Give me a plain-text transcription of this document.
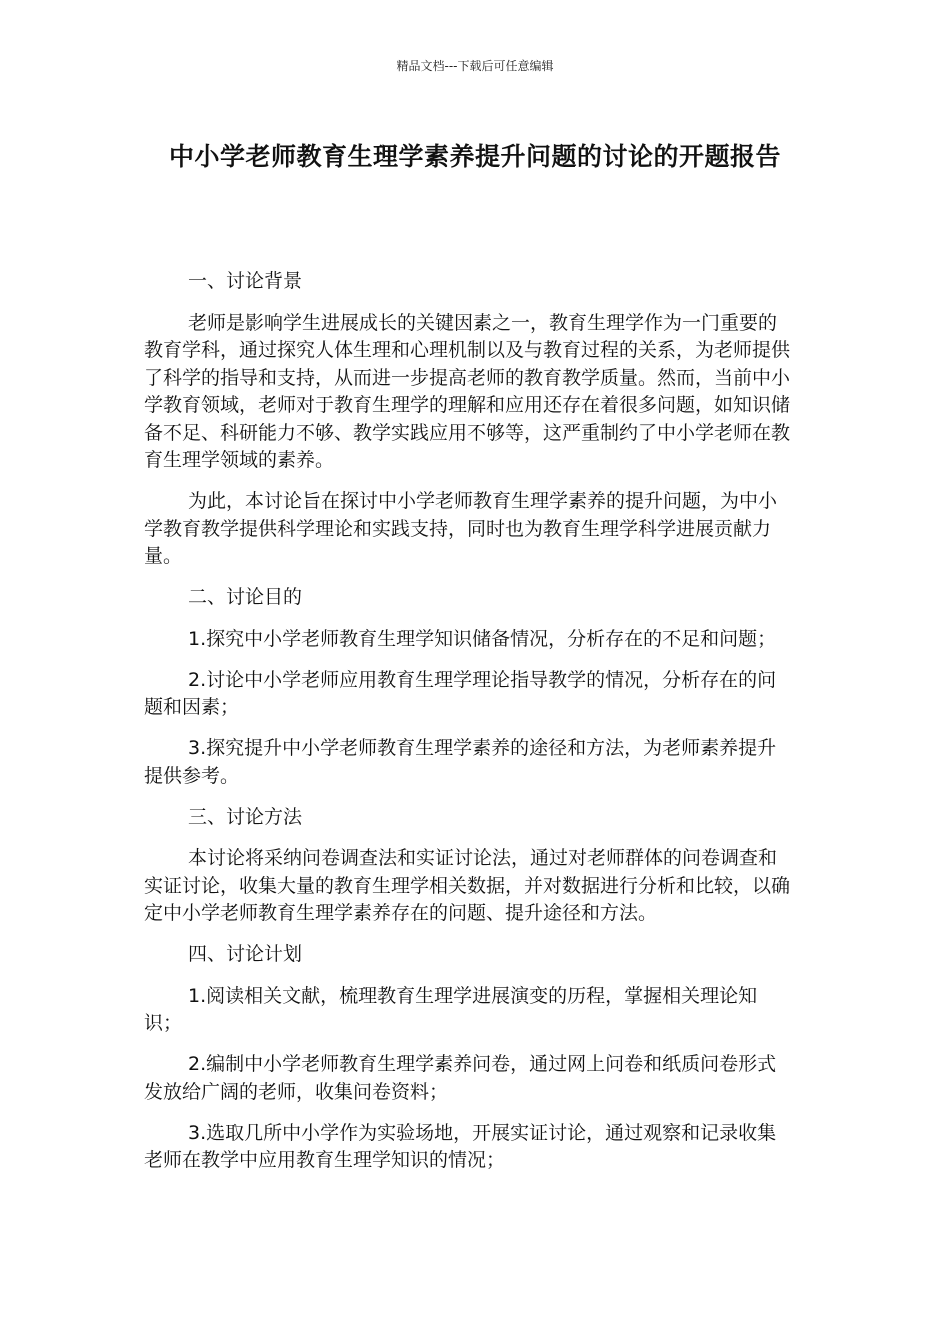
精品文档---下载后可任意编辑
中小学老师教育生理学素养提升问题的讨论的开题报告

一、讨论背景

老师是影响学生进展成长的关键因素之一，教育生理学作为一门重要的教育学科，通过探究人体生理和心理机制以及与教育过程的关系，为老师提供了科学的指导和支持，从而进一步提高老师的教育教学质量。然而，当前中小学教育领域，老师对于教育生理学的理解和应用还存在着很多问题，如知识储备不足、科研能力不够、教学实践应用不够等，这严重制约了中小学老师在教育生理学领域的素养。

为此，本讨论旨在探讨中小学老师教育生理学素养的提升问题，为中小学教育教学提供科学理论和实践支持，同时也为教育生理学科学进展贡献力量。

二、讨论目的

1.探究中小学老师教育生理学知识储备情况，分析存在的不足和问题；

2.讨论中小学老师应用教育生理学理论指导教学的情况，分析存在的问题和因素；

3.探究提升中小学老师教育生理学素养的途径和方法，为老师素养提升提供参考。

三、讨论方法

本讨论将采纳问卷调查法和实证讨论法，通过对老师群体的问卷调查和实证讨论，收集大量的教育生理学相关数据，并对数据进行分析和比较，以确定中小学老师教育生理学素养存在的问题、提升途径和方法。

四、讨论计划

1.阅读相关文献，梳理教育生理学进展演变的历程，掌握相关理论知识；

2.编制中小学老师教育生理学素养问卷，通过网上问卷和纸质问卷形式发放给广阔的老师，收集问卷资料；

3.选取几所中小学作为实验场地，开展实证讨论，通过观察和记录收集老师在教学中应用教育生理学知识的情况；
